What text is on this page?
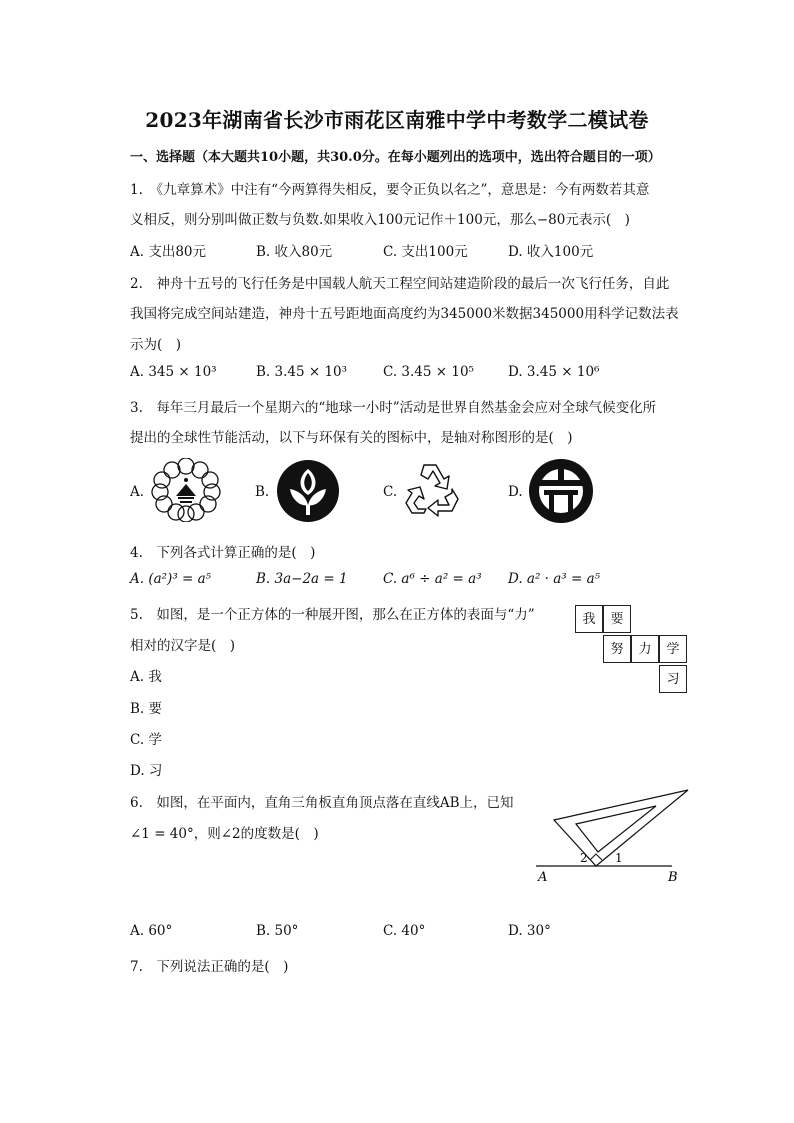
2023年湖南省长沙市雨花区南雅中学中考数学二模试卷
一、选择题（本大题共10小题，共30.0分。在每小题列出的选项中，选出符合题目的一项）
1.　《九章算术》中注有“今两算得失相反，要令正负以名之”，意思是：今有两数若其意
义相反，则分别叫做正数与负数.如果收入100元记作＋100元，那么−80元表示(　)
A. 支出80元	B. 收入80元	C. 支出100元	D. 收入100元
2.　神舟十五号的飞行任务是中国载人航天工程空间站建造阶段的最后一次飞行任务，自此
我国将完成空间站建造，神舟十五号距地面高度约为345000米数据345000用科学记数法表
示为(　)
A. 345 × 10³	B. 3.45 × 10³	C. 3.45 × 10⁵	D. 3.45 × 10⁶
3.　每年三月最后一个星期六的“地球一小时”活动是世界自然基金会应对全球气候变化所
提出的全球性节能活动，以下与环保有关的图标中，是轴对称图形的是(　)
A.	B.	C.	D.
4.　下列各式计算正确的是(　)
A. (a²)³ = a⁵	B. 3a−2a = 1	C. a⁶ ÷ a² = a³ D. a² · a³ = a⁵
5.　如图，是一个正方体的一种展开图，那么在正方体的表面与“力”
相对的汉字是(　)
A. 我
B. 要
C. 学
D. 习
我	要
努	力	学
习
6.　如图，在平面内，直角三角板直角顶点落在直线AB上，已知
∠1 = 40°，则∠2的度数是(　)
2 1
A	B
A. 60°	B. 50°	C. 40°	D. 30°
7.　下列说法正确的是(　)
